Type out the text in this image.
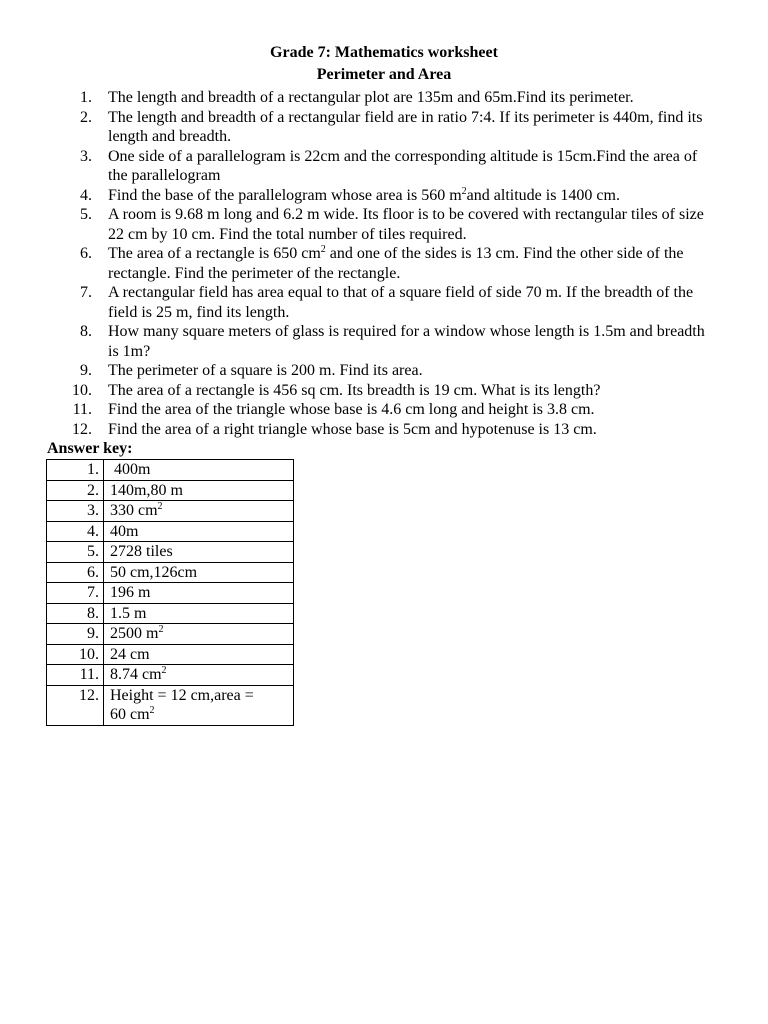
Grade 7: Mathematics worksheet
Perimeter and Area
1. The length and breadth of a rectangular plot are 135m and 65m.Find its perimeter.
2. The length and breadth of a rectangular field are in ratio 7:4. If its perimeter is 440m, find its length and breadth.
3. One side of a parallelogram is 22cm and the corresponding altitude is 15cm.Find the area of the parallelogram
4. Find the base of the parallelogram whose area is 560 $m^2and$ altitude is 1400 cm.
5. A room is 9.68 m long and 6.2 m wide. Its floor is to be covered with rectangular tiles of size 22 cm by 10 cm. Find the total number of tiles required.
6. The area of a rectangle is 650 $cm^2$ and one of the sides is 13 cm. Find the other side of the rectangle. Find the perimeter of the rectangle.
7. A rectangular field has area equal to that of a square field of side 70 m. If the breadth of the field is 25 m, find its length.
8. How many square meters of glass is required for a window whose length is 1.5m and breadth is 1m?
9. The perimeter of a square is 200 m. Find its area.
10. The area of a rectangle is 456 sq cm. Its breadth is 19 cm. What is its length?
11. Find the area of the triangle whose base is 4.6 cm long and height is 3.8 cm.
12. Find the area of a right triangle whose base is 5cm and hypotenuse is 13 cm.
Answer key:
1.	400m
2.	140m,80 m
3.	330 $cm^2$
4.	40m
5.	2728 tiles
6.	50 cm,126cm
7.	196 m
8.	1.5 m
9.	2500 $m^2$
10.	24 cm
11.	8.74 $cm^2$
12.	Height = 12 cm,area =
60 $cm^2$
